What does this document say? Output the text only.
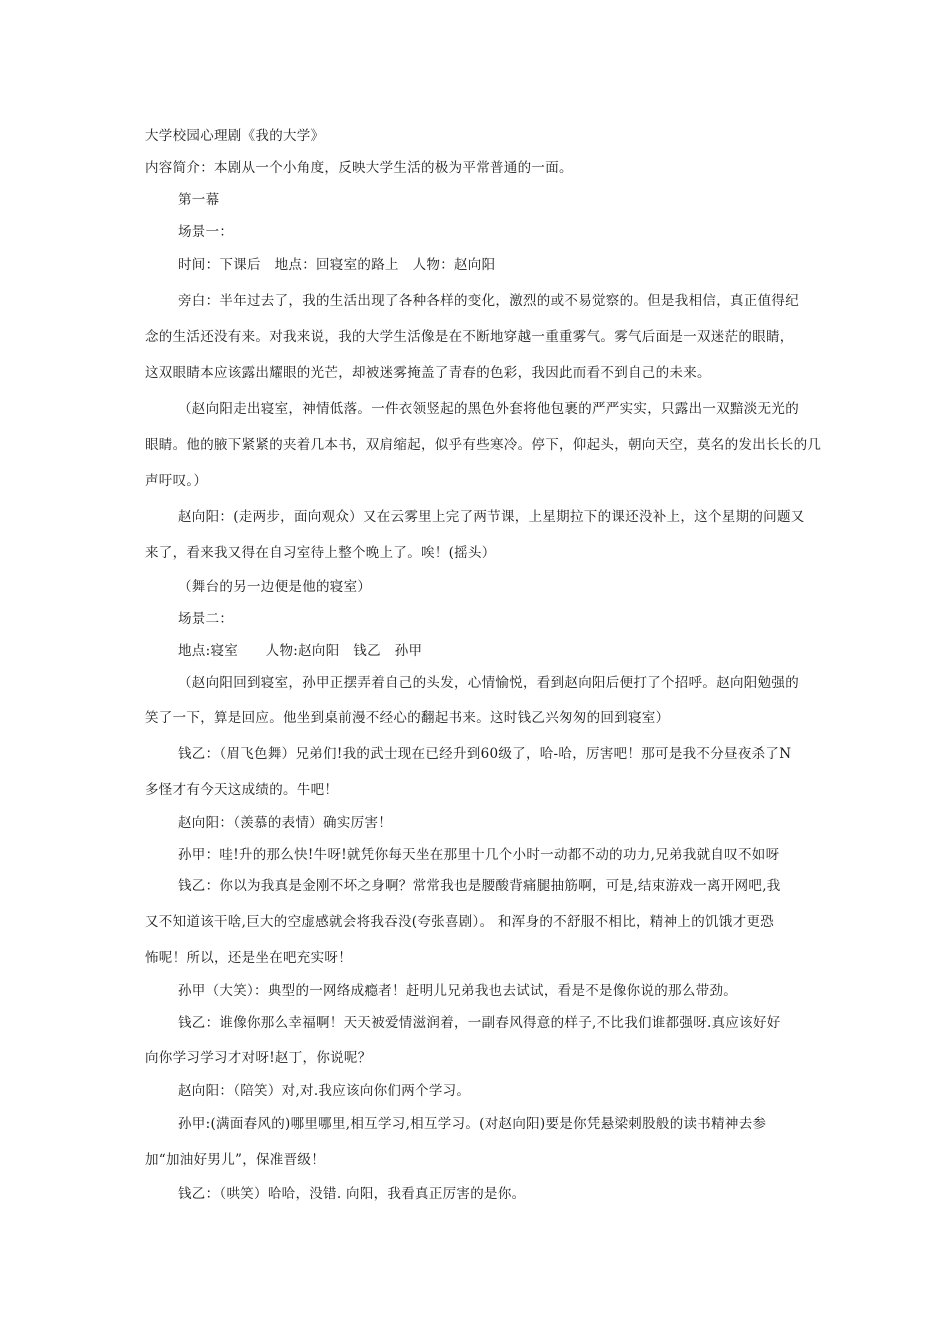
大学校园心理剧《我的大学》
内容简介：本剧从一个小角度，反映大学生活的极为平常普通的一面。
第一幕
场景一：
时间：下课后　地点：回寝室的路上　人物：赵向阳
旁白：半年过去了，我的生活出现了各种各样的变化，激烈的或不易觉察的。但是我相信，真正值得纪
念的生活还没有来。对我来说，我的大学生活像是在不断地穿越一重重雾气。雾气后面是一双迷茫的眼睛，
这双眼睛本应该露出耀眼的光芒，却被迷雾掩盖了青春的色彩，我因此而看不到自己的未来。
（赵向阳走出寝室，神情低落。一件衣领竖起的黑色外套将他包裹的严严实实，只露出一双黯淡无光的
眼睛。他的腋下紧紧的夹着几本书，双肩缩起，似乎有些寒冷。停下，仰起头，朝向天空，莫名的发出长长的几
声吁叹。）
赵向阳：(走两步，面向观众）又在云雾里上完了两节课，上星期拉下的课还没补上，这个星期的问题又
来了，看来我又得在自习室待上整个晚上了。唉！(摇头）
（舞台的另一边便是他的寝室）
场景二：
地点:寝室　　人物:赵向阳　钱乙　孙甲
（赵向阳回到寝室，孙甲正摆弄着自己的头发，心情愉悦，看到赵向阳后便打了个招呼。赵向阳勉强的
笑了一下，算是回应。他坐到桌前漫不经心的翻起书来。这时钱乙兴匆匆的回到寝室）
钱乙：（眉飞色舞）兄弟们!我的武士现在已经升到60级了，哈-哈，厉害吧！那可是我不分昼夜杀了N
多怪才有今天这成绩的。牛吧！
赵向阳：（羡慕的表情）确实厉害！
孙甲：哇!升的那么快!牛呀!就凭你每天坐在那里十几个小时一动都不动的功力,兄弟我就自叹不如呀
钱乙：你以为我真是金刚不坏之身啊？常常我也是腰酸背痛腿抽筋啊，可是,结束游戏一离开网吧,我
又不知道该干啥,巨大的空虚感就会将我吞没(夸张喜剧）。 和浑身的不舒服不相比，精神上的饥饿才更恐
怖呢！所以，还是坐在吧充实呀！
孙甲（大笑）：典型的一网络成瘾者！赶明儿兄弟我也去试试，看是不是像你说的那么带劲。
钱乙：谁像你那么幸福啊！天天被爱情滋润着，一副春风得意的样子,不比我们谁都强呀.真应该好好
向你学习学习才对呀!赵丁，你说呢？
赵向阳：（陪笑）对,对.我应该向你们两个学习。
孙甲:(满面春风的)哪里哪里,相互学习,相互学习。(对赵向阳)要是你凭悬梁刺股般的读书精神去参
加“加油好男儿”，保准晋级！
钱乙：（哄笑）哈哈，没错. 向阳，我看真正厉害的是你。
